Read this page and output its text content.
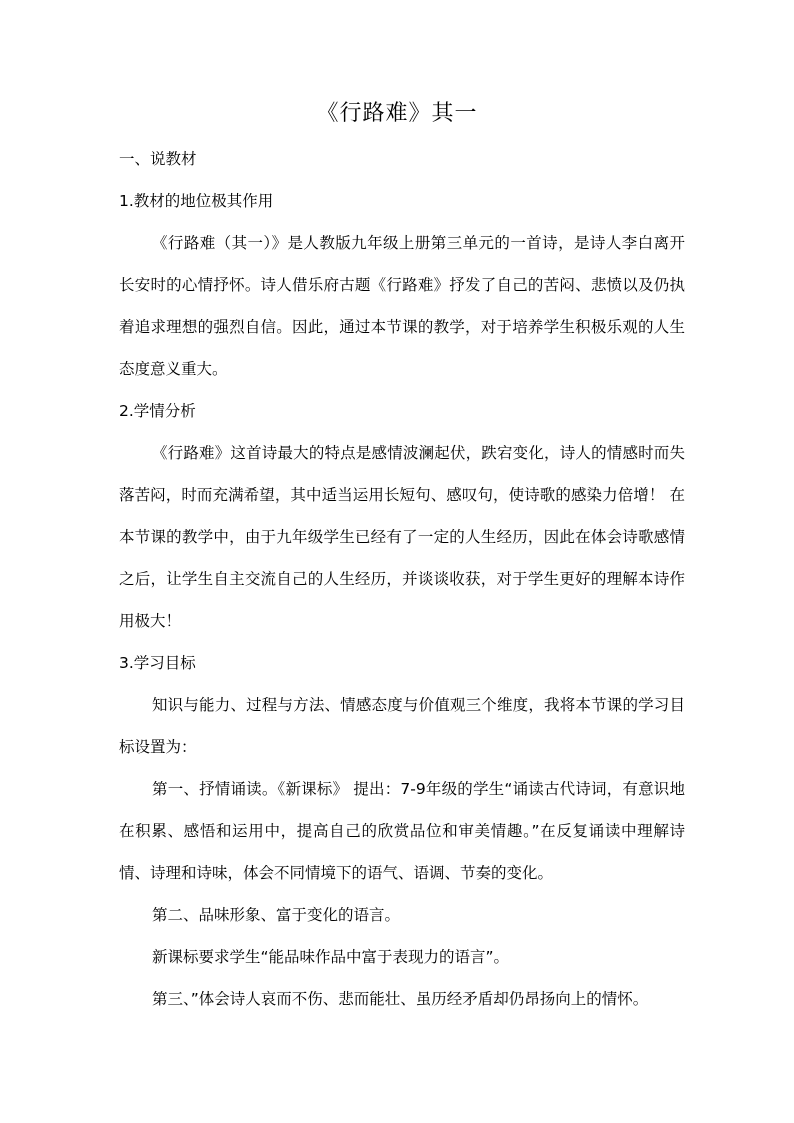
《行路难》其一
一、说教材
1.教材的地位极其作用
《行路难（其一）》是人教版九年级上册第三单元的一首诗，是诗人李白离开长安时的心情抒怀。诗人借乐府古题《行路难》抒发了自己的苦闷、悲愤以及仍执着追求理想的强烈自信。因此，通过本节课的教学，对于培养学生积极乐观的人生态度意义重大。
2.学情分析
《行路难》这首诗最大的特点是感情波澜起伏，跌宕变化，诗人的情感时而失落苦闷，时而充满希望，其中适当运用长短句、感叹句，使诗歌的感染力倍增！ 在本节课的教学中，由于九年级学生已经有了一定的人生经历，因此在体会诗歌感情之后，让学生自主交流自己的人生经历，并谈谈收获，对于学生更好的理解本诗作用极大！
3.学习目标
知识与能力、过程与方法、情感态度与价值观三个维度，我将本节课的学习目标设置为：
第一、抒情诵读。《新课标》 提出：7-9年级的学生“诵读古代诗词，有意识地在积累、感悟和运用中，提高自己的欣赏品位和审美情趣。”在反复诵读中理解诗情、诗理和诗味，体会不同情境下的语气、语调、节奏的变化。
第二、品味形象、富于变化的语言。
新课标要求学生“能品味作品中富于表现力的语言”。
第三、”体会诗人哀而不伤、悲而能壮、虽历经矛盾却仍昂扬向上的情怀。
